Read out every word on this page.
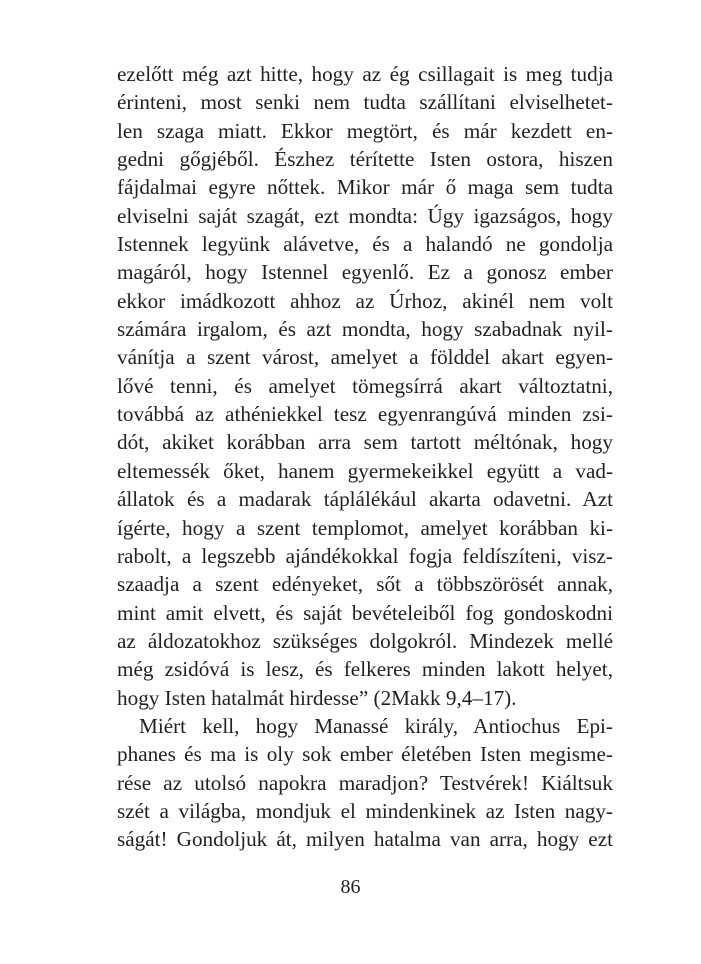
ezelőtt még azt hitte, hogy az ég csillagait is meg tudja
érinteni, most senki nem tudta szállítani elviselhetet-
len szaga miatt. Ekkor megtört, és már kezdett en-
gedni gőgjéből. Észhez térítette Isten ostora, hiszen
fájdalmai egyre nőttek. Mikor már ő maga sem tudta
elviselni saját szagát, ezt mondta: Úgy igazságos, hogy
Istennek legyünk alávetve, és a halandó ne gondolja
magáról, hogy Istennel egyenlő. Ez a gonosz ember
ekkor imádkozott ahhoz az Úrhoz, akinél nem volt
számára irgalom, és azt mondta, hogy szabadnak nyil-
vánítja a szent várost, amelyet a földdel akart egyen-
lővé tenni, és amelyet tömegsírrá akart változtatni,
továbbá az athéniekkel tesz egyenrangúvá minden zsi-
dót, akiket korábban arra sem tartott méltónak, hogy
eltemessék őket, hanem gyermekeikkel együtt a vad-
állatok és a madarak táplálékául akarta odavetni. Azt
ígérte, hogy a szent templomot, amelyet korábban ki-
rabolt, a legszebb ajándékokkal fogja feldíszíteni, visz-
szaadja a szent edényeket, sőt a többszörösét annak,
mint amit elvett, és saját bevételeiből fog gondoskodni
az áldozatokhoz szükséges dolgokról. Mindezek mellé
még zsidóvá is lesz, és felkeres minden lakott helyet,
hogy Isten hatalmát hirdesse” (2Makk 9,4–17).
Miért kell, hogy Manassé király, Antiochus Epi-
phanes és ma is oly sok ember életében Isten megisme-
rése az utolsó napokra maradjon? Testvérek! Kiáltsuk
szét a világba, mondjuk el mindenkinek az Isten nagy-
ságát! Gondoljuk át, milyen hatalma van arra, hogy ezt
86
